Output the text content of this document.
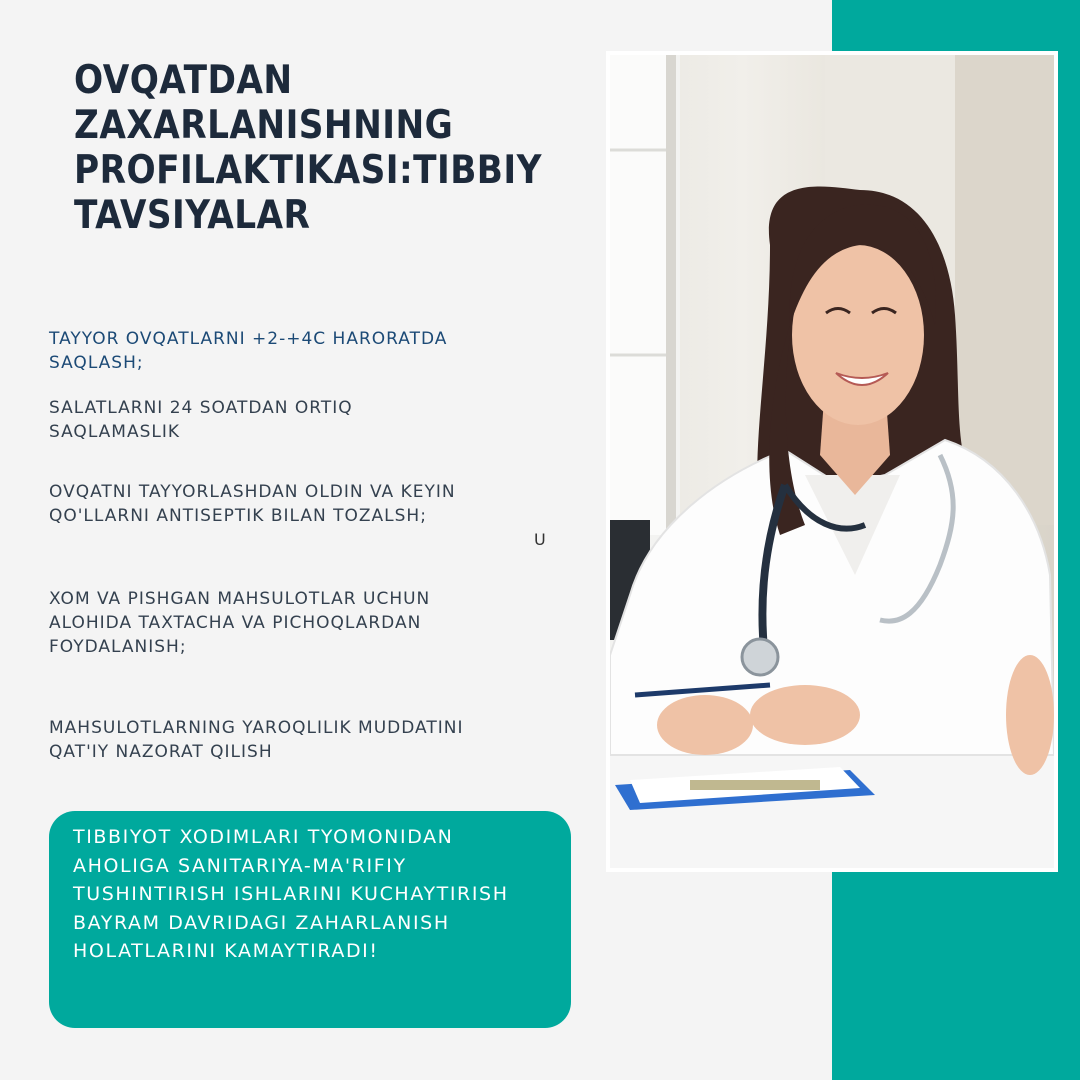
OVQATDAN ZAXARLANISHNING PROFILAKTIKASI:TIBBIY TAVSIYALAR

TAYYOR OVQATLARNI +2-+4C HARORATDA SAQLASH;

SALATLARNI 24 SOATDAN ORTIQ SAQLAMASLIK

OVQATNI TAYYORLASHDAN OLDIN VA KEYIN QO'LLARNI ANTISEPTIK BILAN TOZALSH;

XOM VA PISHGAN MAHSULOTLAR UCHUN ALOHIDA TAXTACHA VA PICHOQLARDAN FOYDALANISH;

MAHSULOTLARNING YAROQLILIK MUDDATINI QAT'IY NAZORAT QILISH

U

TIBBIYOT XODIMLARI TYOMONIDAN AHOLIGA SANITARIYA-MA'RIFIY TUSHINTIRISH ISHLARINI KUCHAYTIRISH BAYRAM DAVRIDAGI ZAHARLANISH HOLATLARINI KAMAYTIRADI!
